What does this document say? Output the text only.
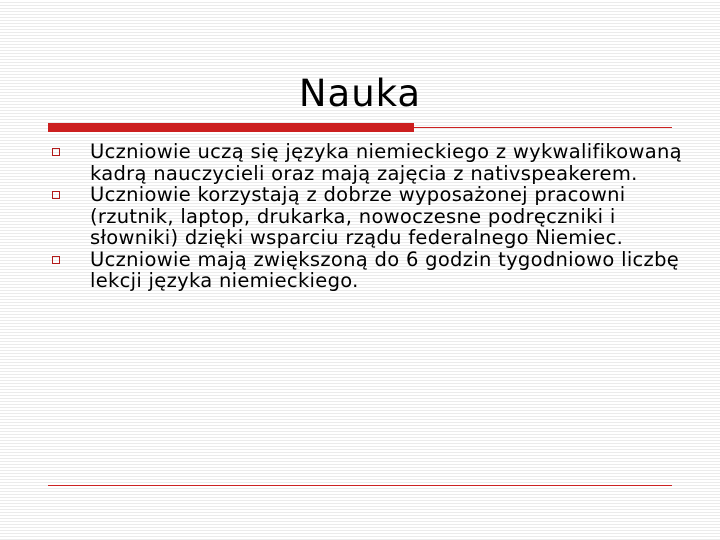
Nauka
Uczniowie uczą się języka niemieckiego z wykwalifikowaną kadrą nauczycieli oraz mają zajęcia z nativspeakerem.
Uczniowie korzystają z dobrze wyposażonej pracowni (rzutnik, laptop, drukarka, nowoczesne podręczniki i słowniki) dzięki wsparciu rządu federalnego Niemiec.
Uczniowie mają zwiększoną do 6 godzin tygodniowo liczbę lekcji języka niemieckiego.
